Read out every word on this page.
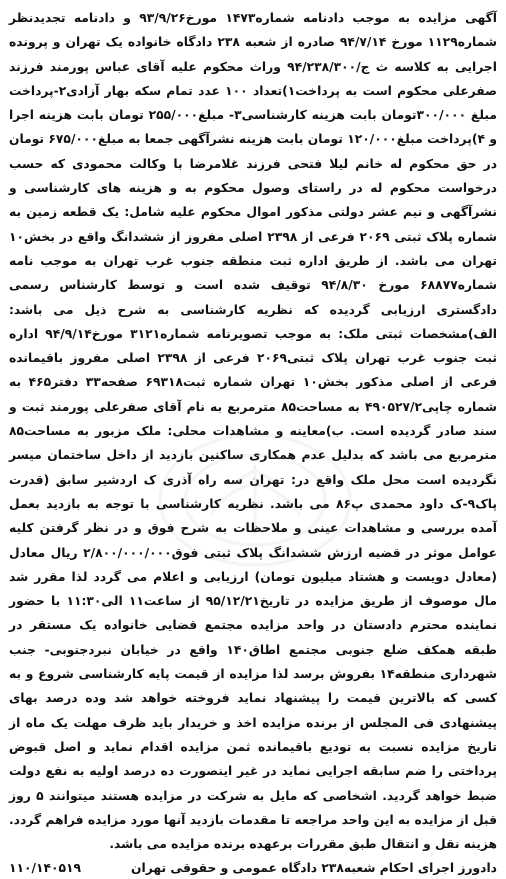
آگهی مزایده به موجب دادنامه شماره۱۴۷۳ مورخ۹۳/۹/۲۶ و دادنامه تجدیدنظر شماره۱۱۲۹ مورخ ۹۴/۷/۱۴ صادره از شعبه ۲۳۸ دادگاه خانواده یک تهران و پرونده اجرایی به کلاسه ث ج/۹۴/۲۳۸/۳۰۰ وراث محکوم علیه آقای عباس پورمند فرزند صفرعلی محکوم است به پرداخت۱)تعداد ۱۰۰ عدد تمام سکه بهار آزادی۲-پرداخت مبلغ ۳۰۰/۰۰۰تومان بابت هزینه کارشناسی۳- مبلغ۲۵۵/۰۰۰ تومان بابت هزینه اجرا و ۴)پرداخت مبلغ۱۲۰/۰۰۰ تومان بابت هزینه نشرآگهی جمعا به مبلغ۶۷۵/۰۰۰ تومان در حق محکوم له خانم لیلا فتحی فرزند غلامرضا با وکالت محمودی که حسب درخواست محکوم له در راستای وصول محکوم به و هزینه های کارشناسی و نشرآگهی و نیم عشر دولتی مذکور اموال محکوم علیه شامل: یک قطعه زمین به شماره پلاک ثبتی ۲۰۶۹ فرعی از ۲۳۹۸ اصلی مفروز از ششدانگ واقع در بخش۱۰ تهران می باشد. از طریق اداره ثبت منطقه جنوب غرب تهران به موجب نامه شماره۶۸۸۷۷ مورخ ۹۴/۸/۳۰ توقیف شده است و توسط کارشناس رسمی دادگستری ارزیابی گردیده که نظریه کارشناسی به شرح ذیل می باشد: الف)مشخصات ثبتی ملک: به موجب تصویرنامه شماره۳۱۲۱ مورخ۹۴/۹/۱۴ اداره ثبت جنوب غرب تهران پلاک ثبتی۲۰۶۹ فرعی از ۲۳۹۸ اصلی مفروز باقیمانده فرعی از اصلی مذکور بخش۱۰ تهران شماره ثبت۶۹۳۱۸ صفحه۳۳ دفتر۴۶۵ به شماره چاپی۴۹۰۵۲۷/۲ به مساحت۸۵ مترمربع به نام آقای صفرعلی پورمند ثبت و سند صادر گردیده است. ب)معاینه و مشاهدات محلی: ملک مزبور به مساحت۸۵ مترمربع می باشد که بدلیل عدم همکاری ساکنین بازدید از داخل ساختمان میسر نگردیده است محل ملک واقع در: تهران سه راه آذری ک اردشیر سابق (قدرت پاک۹-ک داود محمدی پ۸۶ می باشد. نظریه کارشناسی با توجه به بازدید بعمل آمده بررسی و مشاهدات عینی و ملاحظات به شرح فوق و در نظر گرفتن کلیه عوامل موثر در قضیه ارزش ششدانگ پلاک ثبتی فوق۲/۸۰۰/۰۰۰/۰۰۰ ریال معادل (معادل دویست و هشتاد میلیون تومان) ارزیابی و اعلام می گردد لذا مقرر شد مال موصوف از طریق مزایده در تاریخ۹۵/۱۲/۲۱ از ساعت۱۱ الی۱۱:۳۰ با حضور نماینده محترم دادستان در واحد مزایده مجتمع قضایی خانواده یک مستقر در طبقه همکف ضلع جنوبی مجتمع اطاق۱۴۰ واقع در خیابان نبردجنوبی- جنب شهرداری منطقه۱۴ بفروش برسد لذا مزایده از قیمت پایه کارشناسی شروع و به کسی که بالاترین قیمت را پیشنهاد نماید فروخته خواهد شد وده درصد بهای پیشنهادی فی المجلس از برنده مزایده اخذ و خریدار باید ظرف مهلت یک ماه از تاریخ مزایده نسبت به تودیع باقیمانده ثمن مزایده اقدام نماید و اصل قبوض پرداختی را ضم سابقه اجرایی نماید در غیر اینصورت ده درصد اولیه به نفع دولت ضبط خواهد گردید. اشخاصی که مایل به شرکت در مزایده هستند میتوانند ۵ روز قبل از مزایده به این واحد مراجعه تا مقدمات بازدید آنها مورد مزایده فراهم گردد. هزینه نقل و انتقال طبق مقررات برعهده برنده مزایده می باشد.

دادورز اجرای احکام شعبه۲۳۸ دادگاه عمومی و حقوقی تهران
۱۱۰/۱۴۰۵۱۹
